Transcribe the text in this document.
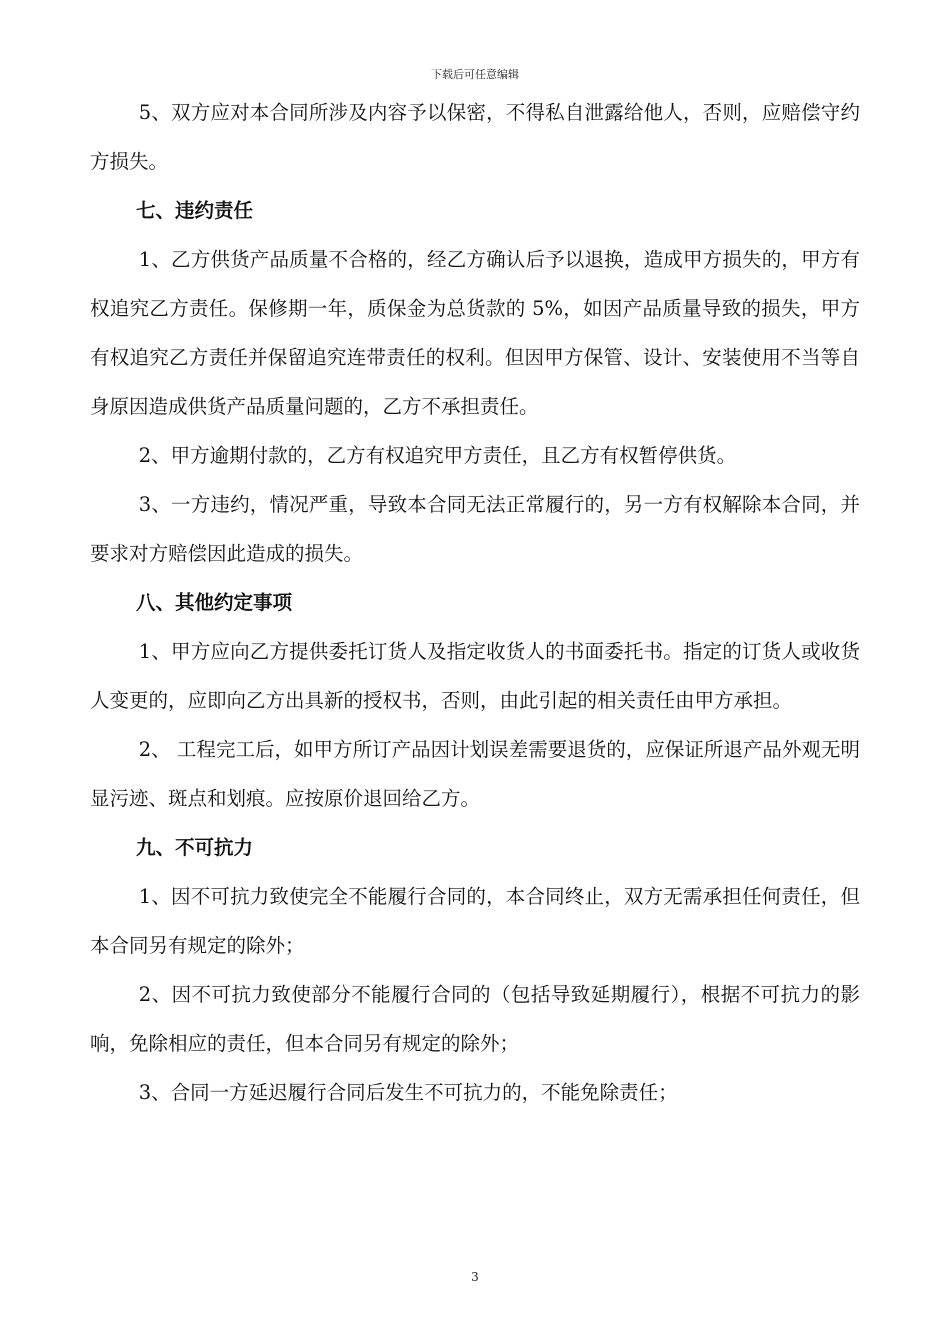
下载后可任意编辑

5、双方应对本合同所涉及内容予以保密，不得私自泄露给他人，否则，应赔偿守约方损失。

七、违约责任

1、乙方供货产品质量不合格的，经乙方确认后予以退换，造成甲方损失的，甲方有权追究乙方责任。保修期一年，质保金为总货款的 5%，如因产品质量导致的损失，甲方有权追究乙方责任并保留追究连带责任的权利。但因甲方保管、设计、安装使用不当等自身原因造成供货产品质量问题的，乙方不承担责任。

2、甲方逾期付款的，乙方有权追究甲方责任，且乙方有权暂停供货。

3、一方违约，情况严重，导致本合同无法正常履行的，另一方有权解除本合同，并要求对方赔偿因此造成的损失。

八、其他约定事项

1、甲方应向乙方提供委托订货人及指定收货人的书面委托书。指定的订货人或收货人变更的，应即向乙方出具新的授权书，否则，由此引起的相关责任由甲方承担。

2、 工程完工后，如甲方所订产品因计划误差需要退货的，应保证所退产品外观无明显污迹、斑点和划痕。应按原价退回给乙方。

九、不可抗力

1、因不可抗力致使完全不能履行合同的，本合同终止，双方无需承担任何责任，但本合同另有规定的除外；

2、因不可抗力致使部分不能履行合同的（包括导致延期履行），根据不可抗力的影响，免除相应的责任，但本合同另有规定的除外；

3、合同一方延迟履行合同后发生不可抗力的，不能免除责任；

3
